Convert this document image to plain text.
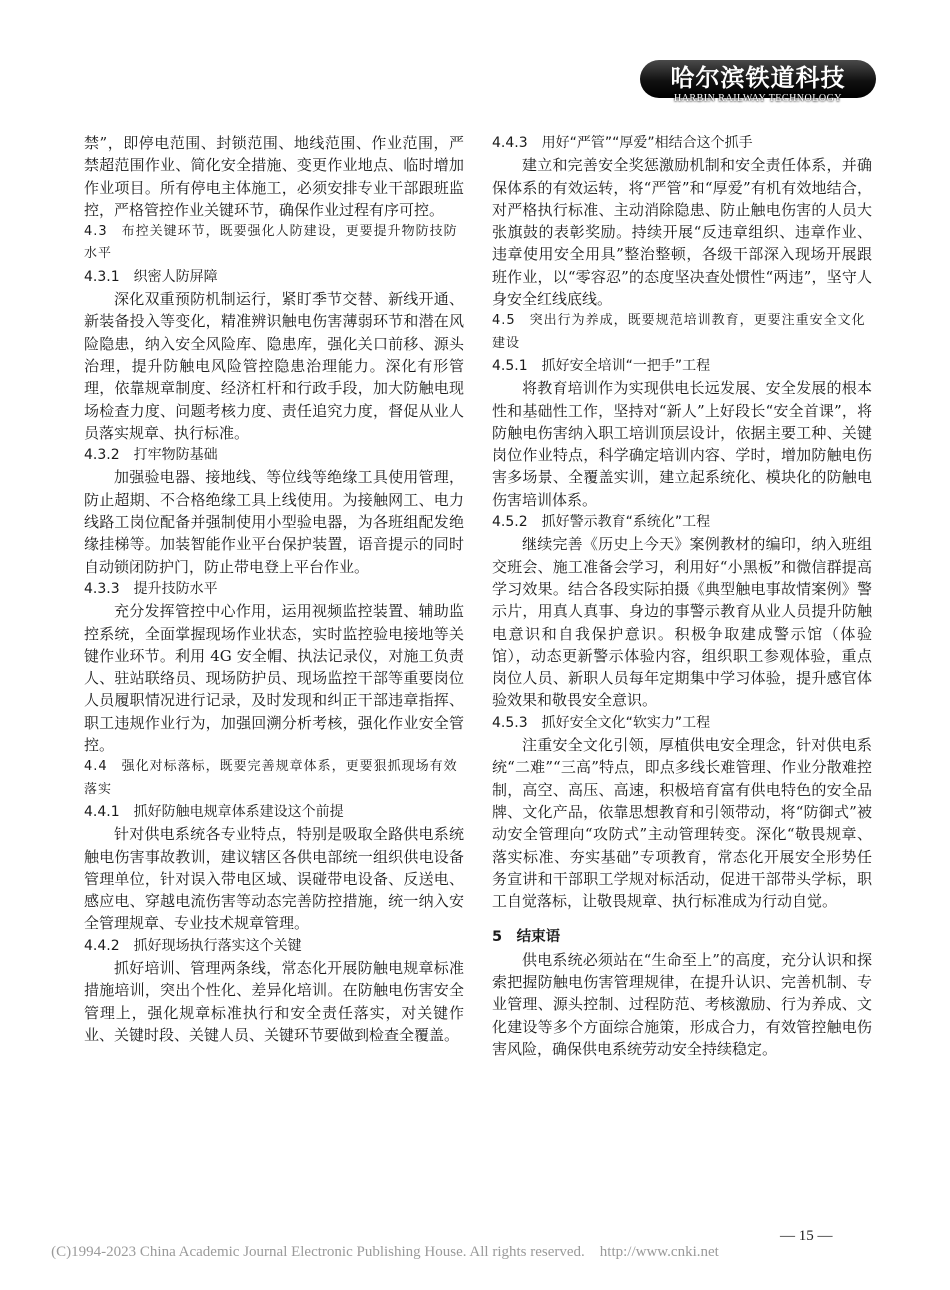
哈尔滨铁道科技
HARBIN RAILWAY TECHNOLOGY
禁”，即停电范围、封锁范围、地线范围、作业范围，严禁超范围作业、简化安全措施、变更作业地点、临时增加作业项目。所有停电主体施工，必须安排专业干部跟班监控，严格管控作业关键环节，确保作业过程有序可控。
4.3　布控关键环节，既要强化人防建设，更要提升物防技防水平
4.3.1　织密人防屏障
深化双重预防机制运行，紧盯季节交替、新线开通、新装备投入等变化，精准辨识触电伤害薄弱环节和潜在风险隐患，纳入安全风险库、隐患库，强化关口前移、源头治理，提升防触电风险管控隐患治理能力。深化有形管理，依靠规章制度、经济杠杆和行政手段，加大防触电现场检查力度、问题考核力度、责任追究力度，督促从业人员落实规章、执行标准。
4.3.2　打牢物防基础
加强验电器、接地线、等位线等绝缘工具使用管理，防止超期、不合格绝缘工具上线使用。为接触网工、电力线路工岗位配备并强制使用小型验电器，为各班组配发绝缘挂梯等。加装智能作业平台保护装置，语音提示的同时自动锁闭防护门，防止带电登上平台作业。
4.3.3　提升技防水平
充分发挥管控中心作用，运用视频监控装置、辅助监控系统，全面掌握现场作业状态，实时监控验电接地等关键作业环节。利用 4G 安全帽、执法记录仪，对施工负责人、驻站联络员、现场防护员、现场监控干部等重要岗位人员履职情况进行记录，及时发现和纠正干部违章指挥、职工违规作业行为，加强回溯分析考核，强化作业安全管控。
4.4　强化对标落标，既要完善规章体系，更要狠抓现场有效落实
4.4.1　抓好防触电规章体系建设这个前提
针对供电系统各专业特点，特别是吸取全路供电系统触电伤害事故教训，建议辖区各供电部统一组织供电设备管理单位，针对误入带电区域、误碰带电设备、反送电、感应电、穿越电流伤害等动态完善防控措施，统一纳入安全管理规章、专业技术规章管理。
4.4.2　抓好现场执行落实这个关键
抓好培训、管理两条线，常态化开展防触电规章标准措施培训，突出个性化、差异化培训。在防触电伤害安全管理上，强化规章标准执行和安全责任落实，对关键作业、关键时段、关键人员、关键环节要做到检查全覆盖。
4.4.3　用好“严管”“厚爱”相结合这个抓手
建立和完善安全奖惩激励机制和安全责任体系，并确保体系的有效运转，将“严管”和“厚爱”有机有效地结合，对严格执行标准、主动消除隐患、防止触电伤害的人员大张旗鼓的表彰奖励。持续开展“反违章组织、违章作业、违章使用安全用具”整治整顿，各级干部深入现场开展跟班作业，以“零容忍”的态度坚决查处惯性“两违”，坚守人身安全红线底线。
4.5　突出行为养成，既要规范培训教育，更要注重安全文化建设
4.5.1　抓好安全培训“一把手”工程
将教育培训作为实现供电长远发展、安全发展的根本性和基础性工作，坚持对“新人”上好段长“安全首课”，将防触电伤害纳入职工培训顶层设计，依据主要工种、关键岗位作业特点，科学确定培训内容、学时，增加防触电伤害多场景、全覆盖实训，建立起系统化、模块化的防触电伤害培训体系。
4.5.2　抓好警示教育“系统化”工程
继续完善《历史上今天》案例教材的编印，纳入班组交班会、施工准备会学习，利用好“小黑板”和微信群提高学习效果。结合各段实际拍摄《典型触电事故情案例》警示片，用真人真事、身边的事警示教育从业人员提升防触电意识和自我保护意识。积极争取建成警示馆（体验馆），动态更新警示体验内容，组织职工参观体验，重点岗位人员、新职人员每年定期集中学习体验，提升感官体验效果和敬畏安全意识。
4.5.3　抓好安全文化“软实力”工程
注重安全文化引领，厚植供电安全理念，针对供电系统“二难”“三高”特点，即点多线长难管理、作业分散难控制，高空、高压、高速，积极培育富有供电特色的安全品牌、文化产品，依靠思想教育和引领带动，将“防御式”被动安全管理向“攻防式”主动管理转变。深化“敬畏规章、落实标准、夯实基础”专项教育，常态化开展安全形势任务宣讲和干部职工学规对标活动，促进干部带头学标，职工自觉落标，让敬畏规章、执行标准成为行动自觉。
5　结束语
供电系统必须站在“生命至上”的高度，充分认识和探索把握防触电伤害管理规律，在提升认识、完善机制、专业管理、源头控制、过程防范、考核激励、行为养成、文化建设等多个方面综合施策，形成合力，有效管控触电伤害风险，确保供电系统劳动安全持续稳定。
— 15 —
(C)1994-2023 China Academic Journal Electronic Publishing House. All rights reserved.　http://www.cnki.net
